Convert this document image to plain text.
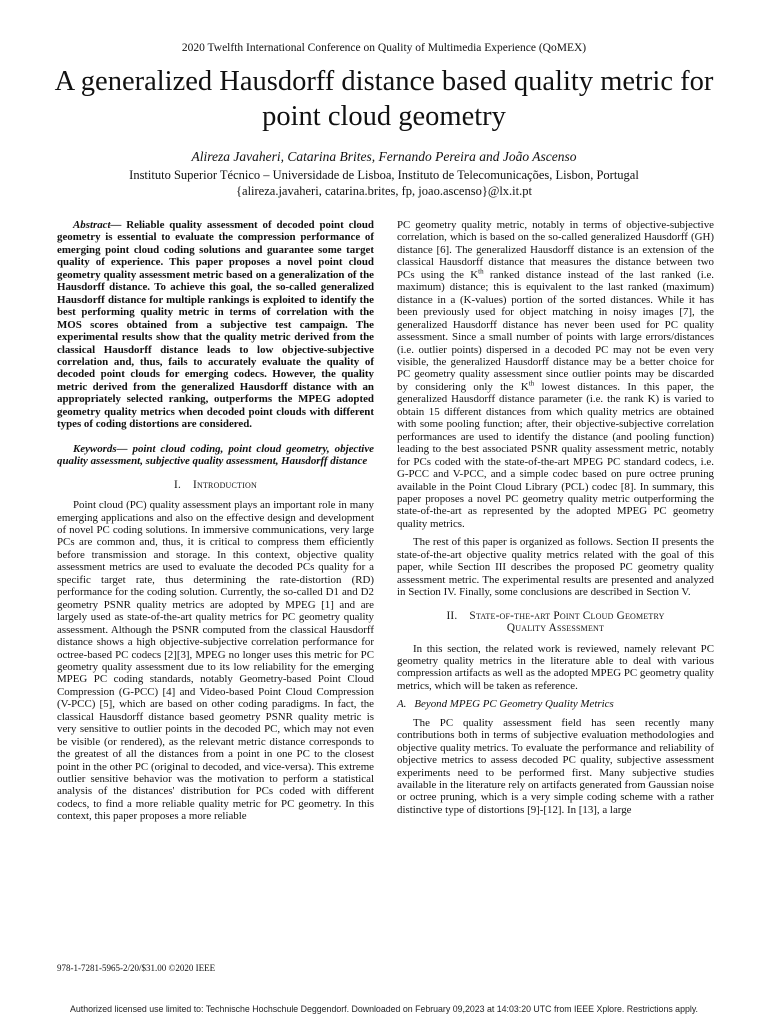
2020 Twelfth International Conference on Quality of Multimedia Experience (QoMEX)
A generalized Hausdorff distance based quality metric for point cloud geometry
Alireza Javaheri, Catarina Brites, Fernando Pereira and João Ascenso
Instituto Superior Técnico – Universidade de Lisboa, Instituto de Telecomunicações, Lisbon, Portugal
{alireza.javaheri, catarina.brites, fp, joao.ascenso}@lx.it.pt

Abstract— Reliable quality assessment of decoded point cloud geometry is essential to evaluate the compression performance of emerging point cloud coding solutions and guarantee some target quality of experience. This paper proposes a novel point cloud geometry quality assessment metric based on a generalization of the Hausdorff distance. To achieve this goal, the so-called generalized Hausdorff distance for multiple rankings is exploited to identify the best performing quality metric in terms of correlation with the MOS scores obtained from a subjective test campaign. The experimental results show that the quality metric derived from the classical Hausdorff distance leads to low objective-subjective correlation and, thus, fails to accurately evaluate the quality of decoded point clouds for emerging codecs. However, the quality metric derived from the generalized Hausdorff distance with an appropriately selected ranking, outperforms the MPEG adopted geometry quality metrics when decoded point clouds with different types of coding distortions are considered.

Keywords— point cloud coding, point cloud geometry, objective quality assessment, subjective quality assessment, Hausdorff distance

I. Introduction

Point cloud (PC) quality assessment plays an important role in many emerging applications and also on the effective design and development of novel PC coding solutions. In immersive communications, very large PCs are common and, thus, it is critical to compress them efficiently before transmission and storage. In this context, objective quality assessment metrics are used to evaluate the decoded PCs quality for a specific target rate, thus determining the rate-distortion (RD) performance for the coding solution. Currently, the so-called D1 and D2 geometry PSNR quality metrics are adopted by MPEG [1] and are largely used as state-of-the-art quality metrics for PC geometry quality assessment. Although the PSNR computed from the classical Hausdorff distance shows a high objective-subjective correlation performance for octree-based PC codecs [2][3], MPEG no longer uses this metric for PC geometry quality assessment due to its low reliability for the emerging MPEG PC coding standards, notably Geometry-based Point Cloud Compression (G-PCC) [4] and Video-based Point Cloud Compression (V-PCC) [5], which are based on other coding paradigms. In fact, the classical Hausdorff distance based geometry PSNR quality metric is very sensitive to outlier points in the decoded PC, which may not even be visible (or rendered), as the relevant metric distance corresponds to the greatest of all the distances from a point in one PC to the closest point in the other PC (original to decoded, and vice-versa). This extreme outlier sensitive behavior was the motivation to perform a statistical analysis of the distances' distribution for PCs coded with different codecs, to find a more reliable quality metric for PC geometry. In this context, this paper proposes a more reliable

PC geometry quality metric, notably in terms of objective-subjective correlation, which is based on the so-called generalized Hausdorff (GH) distance [6]. The generalized Hausdorff distance is an extension of the classical Hausdorff distance that measures the distance between two PCs using the $K^{th}$ ranked distance instead of the last ranked (i.e. maximum) distance; this is equivalent to the last ranked (maximum) distance in a (K-values) portion of the sorted distances. While it has been previously used for object matching in noisy images [7], the generalized Hausdorff distance has never been used for PC quality assessment. Since a small number of points with large errors/distances (i.e. outlier points) dispersed in a decoded PC may not be even very visible, the generalized Hausdorff distance may be a better choice for PC geometry quality assessment since outlier points may be discarded by considering only the $K^{th}$ lowest distances. In this paper, the generalized Hausdorff distance parameter (i.e. the rank K) is varied to obtain 15 different distances from which quality metrics are obtained with some pooling function; after, their objective-subjective correlation performances are used to identify the distance (and pooling function) leading to the best associated PSNR quality assessment metric, notably for PCs coded with the state-of-the-art MPEG PC standard codecs, i.e. G-PCC and V-PCC, and a simple codec based on pure octree pruning available in the Point Cloud Library (PCL) codec [8]. In summary, this paper proposes a novel PC geometry quality metric outperforming the state-of-the-art as represented by the adopted MPEG PC geometry quality metrics.

The rest of this paper is organized as follows. Section II presents the state-of-the-art objective quality metrics related with the goal of this paper, while Section III describes the proposed PC geometry quality assessment metric. The experimental results are presented and analyzed in Section IV. Finally, some conclusions are described in Section V.

II. State-of-the-art Point Cloud Geometry
Quality Assessment

In this section, the related work is reviewed, namely relevant PC geometry quality metrics in the literature able to deal with various compression artifacts as well as the adopted MPEG PC geometry quality metrics, which will be taken as reference.

A. Beyond MPEG PC Geometry Quality Metrics

The PC quality assessment field has seen recently many contributions both in terms of subjective evaluation methodologies and objective quality metrics. To evaluate the performance and reliability of objective metrics to assess decoded PC quality, subjective assessment experiments need to be performed first. Many subjective studies available in the literature rely on artifacts generated from Gaussian noise or octree pruning, which is a very simple coding scheme with a rather distinctive type of distortions [9]-[12]. In [13], a large

978-1-7281-5965-2/20/$31.00 ©2020 IEEE
Authorized licensed use limited to: Technische Hochschule Deggendorf. Downloaded on February 09,2023 at 14:03:20 UTC from IEEE Xplore. Restrictions apply.
